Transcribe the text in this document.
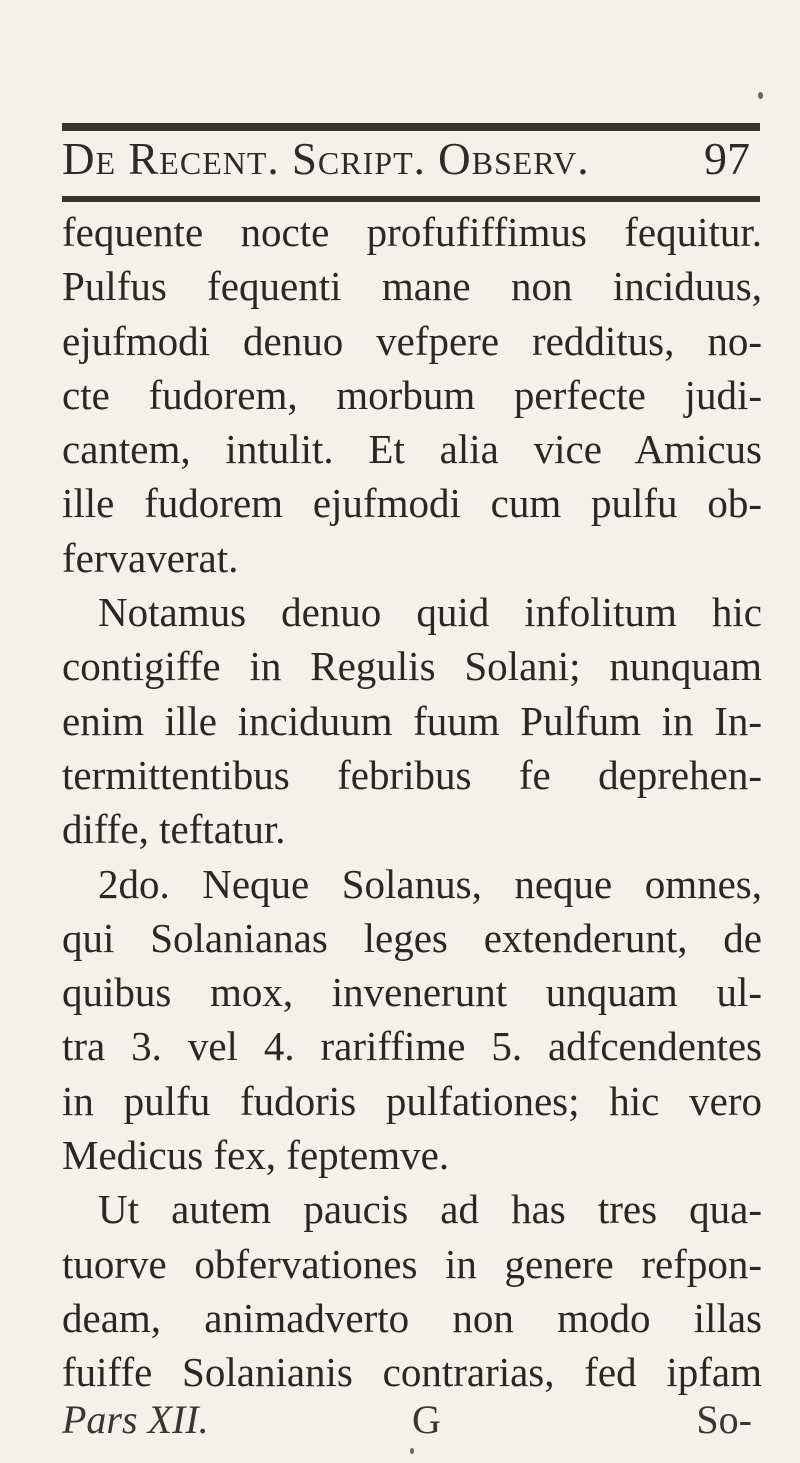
De Recent. Script. Observ. 97
fequente nocte profufiffimus fequitur.
Pulfus fequenti mane non inciduus,
ejufmodi denuo vefpere redditus, no-
cte fudorem, morbum perfecte judi-
cantem, intulit. Et alia vice Amicus
ille fudorem ejufmodi cum pulfu ob-
fervaverat.
Notamus denuo quid infolitum hic
contigiffe in Regulis Solani; nunquam
enim ille inciduum fuum Pulfum in In-
termittentibus febribus fe deprehen-
diffe, teftatur.
2do. Neque Solanus, neque omnes,
qui Solanianas leges extenderunt, de
quibus mox, invenerunt unquam ul-
tra 3. vel 4. rariffime 5. adfcendentes
in pulfu fudoris pulfationes; hic vero
Medicus fex, feptemve.
Ut autem paucis ad has tres qua-
tuorve obfervationes in genere refpon-
deam, animadverto non modo illas
fuiffe Solanianis contrarias, fed ipfam
Pars XII.	G	So-
